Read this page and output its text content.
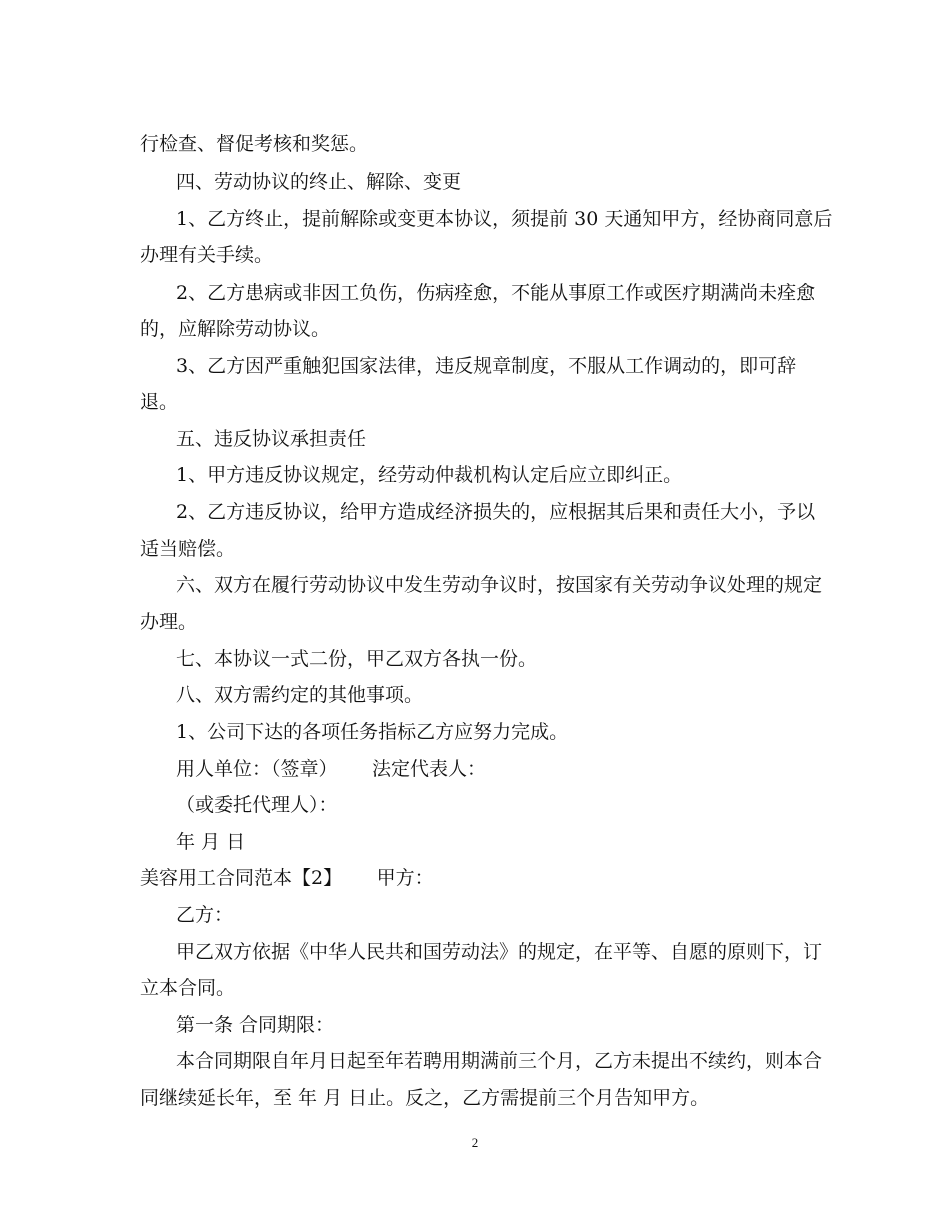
行检查、督促考核和奖惩。
四、劳动协议的终止、解除、变更
1、乙方终止，提前解除或变更本协议，须提前 30 天通知甲方，经协商同意后
办理有关手续。
2、乙方患病或非因工负伤，伤病痊愈，不能从事原工作或医疗期满尚未痊愈
的，应解除劳动协议。
3、乙方因严重触犯国家法律，违反规章制度，不服从工作调动的，即可辞
退。
五、违反协议承担责任
1、甲方违反协议规定，经劳动仲裁机构认定后应立即纠正。
2、乙方违反协议，给甲方造成经济损失的，应根据其后果和责任大小，予以
适当赔偿。
六、双方在履行劳动协议中发生劳动争议时，按国家有关劳动争议处理的规定
办理。
七、本协议一式二份，甲乙双方各执一份。
八、双方需约定的其他事项。
1、公司下达的各项任务指标乙方应努力完成。
用人单位：（签章）　　 法定代表人：
（或委托代理人）：
年 月 日
美容用工合同范本【2】　　 甲方：
乙方：
甲乙双方依据《中华人民共和国劳动法》的规定，在平等、自愿的原则下，订
立本合同。
第一条 合同期限：
本合同期限自年月日起至年若聘用期满前三个月，乙方未提出不续约，则本合
同继续延长年，至 年 月 日止。反之，乙方需提前三个月告知甲方。
2
